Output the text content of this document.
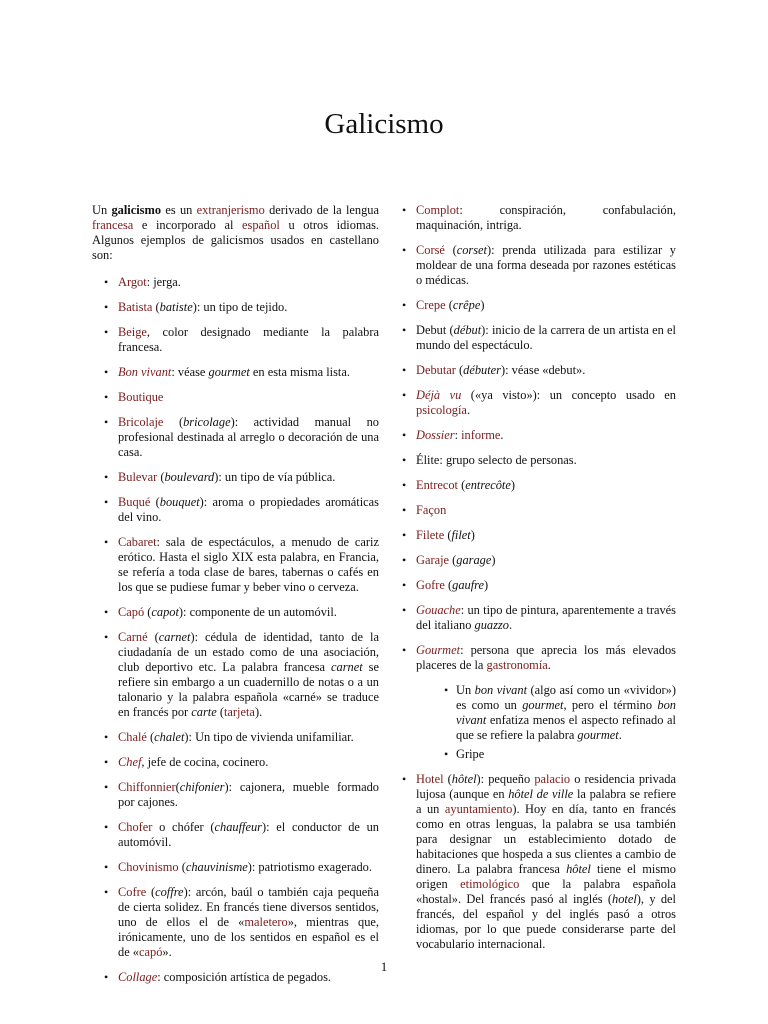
Galicismo

Un galicismo es un extranjerismo derivado de la lengua francesa e incorporado al español u otros idiomas. Algunos ejemplos de galicismos usados en castellano son:

• Argot: jerga.
• Batista (batiste): un tipo de tejido.
• Beige, color designado mediante la palabra francesa.
• Bon vivant: véase gourmet en esta misma lista.
• Boutique
• Bricolaje (bricolage): actividad manual no profesional destinada al arreglo o decoración de una casa.
• Bulevar (boulevard): un tipo de vía pública.
• Buqué (bouquet): aroma o propiedades aromáticas del vino.
• Cabaret: sala de espectáculos, a menudo de cariz erótico. Hasta el siglo XIX esta palabra, en Francia, se refería a toda clase de bares, tabernas o cafés en los que se pudiese fumar y beber vino o cerveza.
• Capó (capot): componente de un automóvil.
• Carné (carnet): cédula de identidad, tanto de la ciudadanía de un estado como de una asociación, club deportivo etc. La palabra francesa carnet se refiere sin embargo a un cuadernillo de notas o a un talonario y la palabra española «carné» se traduce en francés por carte (tarjeta).
• Chalé (chalet): Un tipo de vivienda unifamiliar.
• Chef, jefe de cocina, cocinero.
• Chiffonnier(chifonier): cajonera, mueble formado por cajones.
• Chofer o chófer (chauffeur): el conductor de un automóvil.
• Chovinismo (chauvinisme): patriotismo exagerado.
• Cofre (coffre): arcón, baúl o también caja pequeña de cierta solidez. En francés tiene diversos sentidos, uno de ellos el de «maletero», mientras que, irónicamente, uno de los sentidos en español es el de «capó».
• Collage: composición artística de pegados.
• Complot: conspiración, confabulación, maquinación, intriga.
• Corsé (corset): prenda utilizada para estilizar y moldear de una forma deseada por razones estéticas o médicas.
• Crepe (crêpe)
• Debut (début): inicio de la carrera de un artista en el mundo del espectáculo.
• Debutar (débuter): véase «debut».
• Déjà vu («ya visto»): un concepto usado en psicología.
• Dossier: informe.
• Élite: grupo selecto de personas.
• Entrecot (entrecôte)
• Façon
• Filete (filet)
• Garaje (garage)
• Gofre (gaufre)
• Gouache: un tipo de pintura, aparentemente a través del italiano guazzo.
• Gourmet: persona que aprecia los más elevados placeres de la gastronomía.
• Un bon vivant (algo así como un «vividor») es como un gourmet, pero el término bon vivant enfatiza menos el aspecto refinado al que se refiere la palabra gourmet.
• Gripe
• Hotel (hôtel): pequeño palacio o residencia privada lujosa (aunque en hôtel de ville la palabra se refiere a un ayuntamiento). Hoy en día, tanto en francés como en otras lenguas, la palabra se usa también para designar un establecimiento dotado de habitaciones que hospeda a sus clientes a cambio de dinero. La palabra francesa hôtel tiene el mismo origen etimológico que la palabra española «hostal». Del francés pasó al inglés (hotel), y del francés, del español y del inglés pasó a otros idiomas, por lo que puede considerarse parte del vocabulario internacional.
1
